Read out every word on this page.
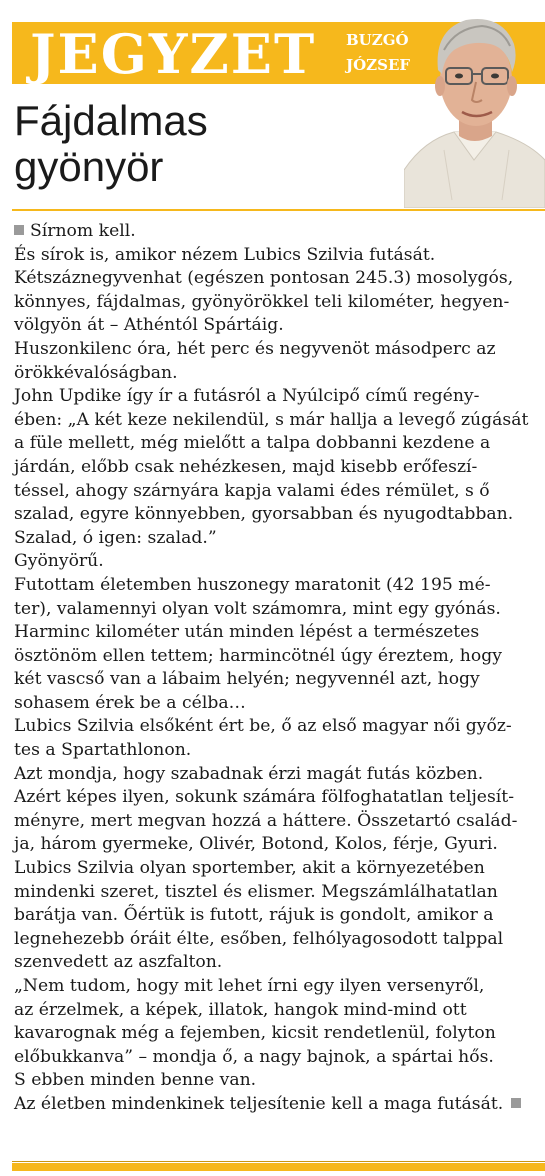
JEGYZET BUZGÓ
JÓZSEF
Fájdalmas
gyönyör
Sírnom kell.
És sírok is, amikor nézem Lubics Szilvia futását.
Kétszáznegyvenhat (egészen pontosan 245.3) mosolygós,
könnyes, fájdalmas, gyönyörökkel teli kilométer, hegyen-
völgyön át – Athéntól Spártáig.
Huszonkilenc óra, hét perc és negyvenöt másodperc az
örökkévalóságban.
John Updike így ír a futásról a Nyúlcipő című regény-
ében: „A két keze nekilendül, s már hallja a levegő zúgását
a füle mellett, még mielőtt a talpa dobbanni kezdene a
járdán, előbb csak nehézkesen, majd kisebb erőfeszí-
téssel, ahogy szárnyára kapja valami édes rémület, s ő
szalad, egyre könnyebben, gyorsabban és nyugodtabban.
Szalad, ó igen: szalad.”
Gyönyörű.
Futottam életemben huszonegy maratonit (42 195 mé-
ter), valamennyi olyan volt számomra, mint egy gyónás.
Harminc kilométer után minden lépést a természetes
ösztönöm ellen tettem; harmincötnél úgy éreztem, hogy
két vascső van a lábaim helyén; negyvennél azt, hogy
sohasem érek be a célba…
Lubics Szilvia elsőként ért be, ő az első magyar női győz-
tes a Spartathlonon.
Azt mondja, hogy szabadnak érzi magát futás közben.
Azért képes ilyen, sokunk számára fölfoghatatlan teljesít-
ményre, mert megvan hozzá a háttere. Összetartó család-
ja, három gyermeke, Olivér, Botond, Kolos, férje, Gyuri.
Lubics Szilvia olyan sportember, akit a környezetében
mindenki szeret, tisztel és elismer. Megszámlálhatatlan
barátja van. Őértük is futott, rájuk is gondolt, amikor a
legnehezebb óráit élte, esőben, felhólyagosodott talppal
szenvedett az aszfalton.
„Nem tudom, hogy mit lehet írni egy ilyen versenyről,
az érzelmek, a képek, illatok, hangok mind-mind ott
kavarognak még a fejemben, kicsit rendetlenül, folyton
előbukkanva” – mondja ő, a nagy bajnok, a spártai hős.
S ebben minden benne van.
Az életben mindenkinek teljesítenie kell a maga futását.
